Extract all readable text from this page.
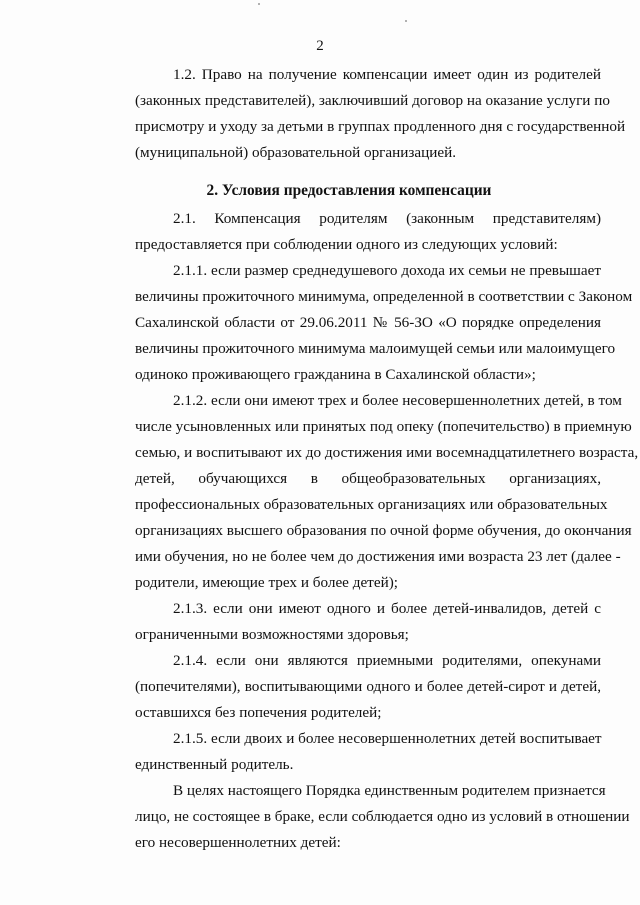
2
1.2. Право на получение компенсации имеет один из родителей
(законных представителей), заключивший договор на оказание услуги по
присмотру и уходу за детьми в группах продленного дня с государственной
(муниципальной) образовательной организацией.
2. Условия предоставления компенсации
2.1. Компенсация родителям (законным представителям)
предоставляется при соблюдении одного из следующих условий:
2.1.1. если размер среднедушевого дохода их семьи не превышает
величины прожиточного минимума, определенной в соответствии с Законом
Сахалинской области от 29.06.2011 № 56-ЗО «О порядке определения
величины прожиточного минимума малоимущей семьи или малоимущего
одиноко проживающего гражданина в Сахалинской области»;
2.1.2. если они имеют трех и более несовершеннолетних детей, в том
числе усыновленных или принятых под опеку (попечительство) в приемную
семью, и воспитывают их до достижения ими восемнадцатилетнего возраста,
детей, обучающихся в общеобразовательных организациях,
профессиональных образовательных организациях или образовательных
организациях высшего образования по очной форме обучения, до окончания
ими обучения, но не более чем до достижения ими возраста 23 лет (далее -
родители, имеющие трех и более детей);
2.1.3. если они имеют одного и более детей-инвалидов, детей с
ограниченными возможностями здоровья;
2.1.4. если они являются приемными родителями, опекунами
(попечителями), воспитывающими одного и более детей-сирот и детей,
оставшихся без попечения родителей;
2.1.5. если двоих и более несовершеннолетних детей воспитывает
единственный родитель.
В целях настоящего Порядка единственным родителем признается
лицо, не состоящее в браке, если соблюдается одно из условий в отношении
его несовершеннолетних детей:
